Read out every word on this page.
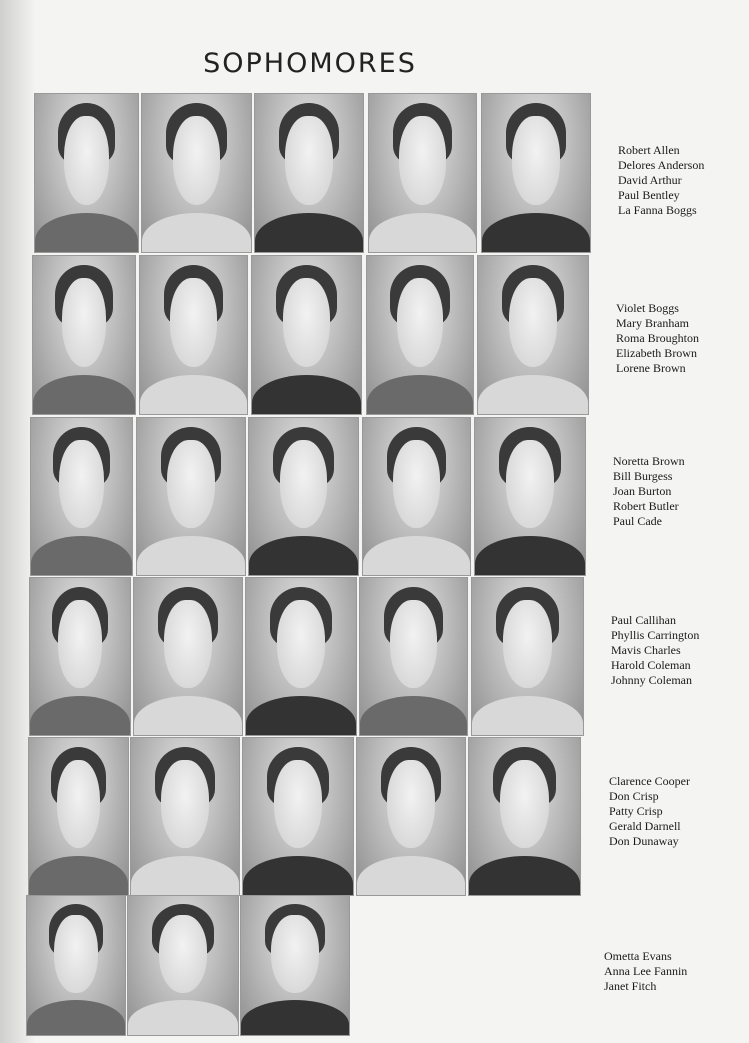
SOPHOMORES
Robert Allen
Delores Anderson
David Arthur
Paul Bentley
La Fanna Boggs
Violet Boggs
Mary Branham
Roma Broughton
Elizabeth Brown
Lorene Brown
Noretta Brown
Bill Burgess
Joan Burton
Robert Butler
Paul Cade
Paul Callihan
Phyllis Carrington
Mavis Charles
Harold Coleman
Johnny Coleman
Clarence Cooper
Don Crisp
Patty Crisp
Gerald Darnell
Don Dunaway
Ometta Evans
Anna Lee Fannin
Janet Fitch
